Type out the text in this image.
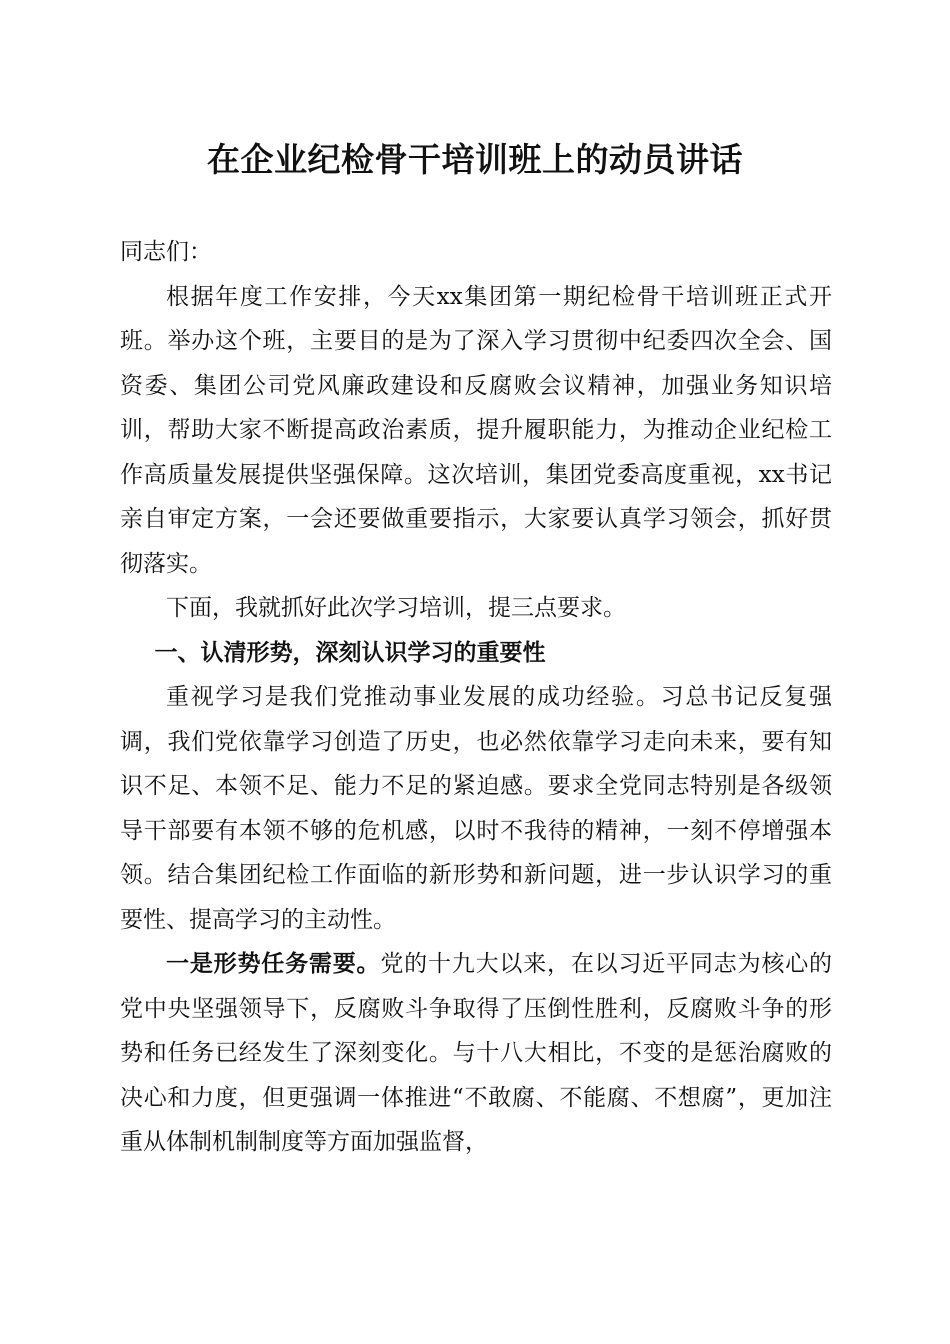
在企业纪检骨干培训班上的动员讲话

同志们：

根据年度工作安排，今天xx集团第一期纪检骨干培训班正式开班。举办这个班，主要目的是为了深入学习贯彻中纪委四次全会、国资委、集团公司党风廉政建设和反腐败会议精神，加强业务知识培训，帮助大家不断提高政治素质，提升履职能力，为推动企业纪检工作高质量发展提供坚强保障。这次培训，集团党委高度重视，xx书记亲自审定方案，一会还要做重要指示，大家要认真学习领会，抓好贯彻落实。

下面，我就抓好此次学习培训，提三点要求。

一、认清形势，深刻认识学习的重要性

重视学习是我们党推动事业发展的成功经验。习总书记反复强调，我们党依靠学习创造了历史，也必然依靠学习走向未来，要有知识不足、本领不足、能力不足的紧迫感。要求全党同志特别是各级领导干部要有本领不够的危机感，以时不我待的精神，一刻不停增强本领。结合集团纪检工作面临的新形势和新问题，进一步认识学习的重要性、提高学习的主动性。

一是形势任务需要。党的十九大以来，在以习近平同志为核心的党中央坚强领导下，反腐败斗争取得了压倒性胜利，反腐败斗争的形势和任务已经发生了深刻变化。与十八大相比，不变的是惩治腐败的决心和力度，但更强调一体推进“不敢腐、不能腐、不想腐”，更加注重从体制机制制度等方面加强监督，
